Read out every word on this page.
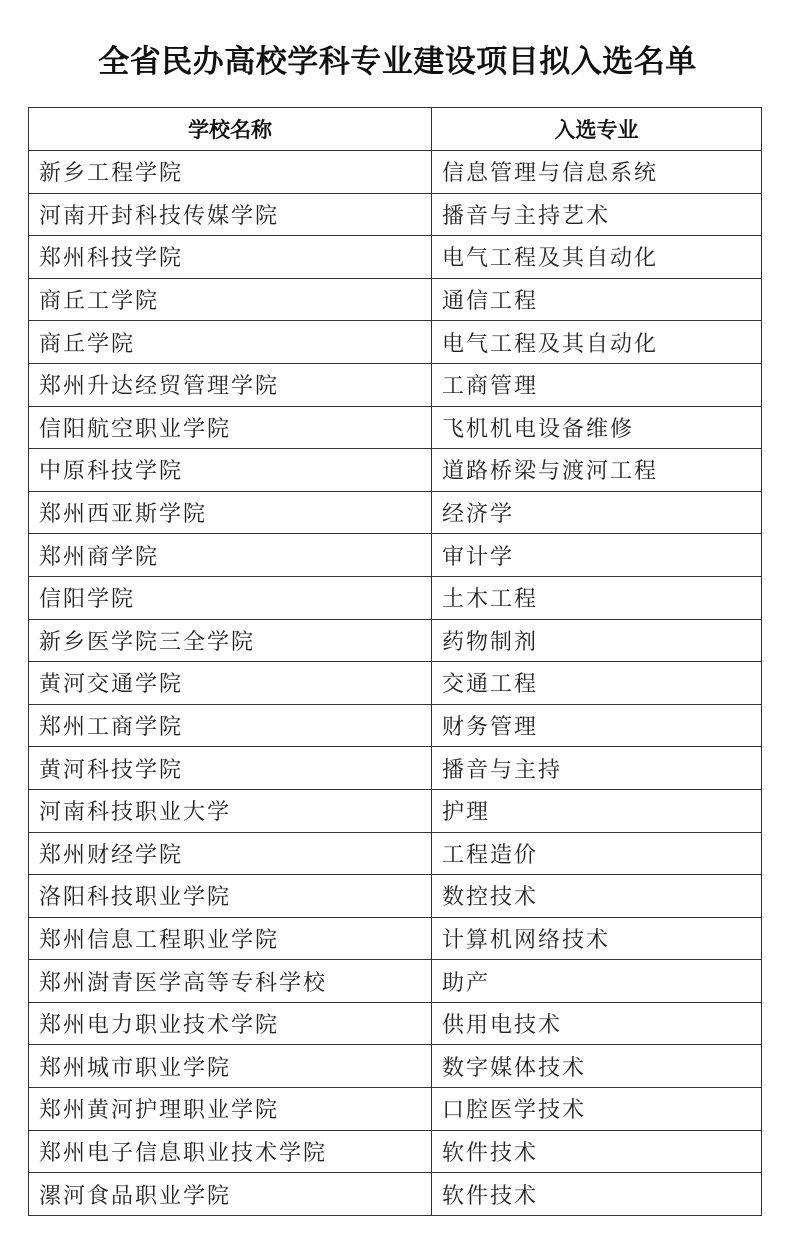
全省民办高校学科专业建设项目拟入选名单
学校名称	入选专业
新乡工程学院	信息管理与信息系统
河南开封科技传媒学院	播音与主持艺术
郑州科技学院	电气工程及其自动化
商丘工学院	通信工程
商丘学院	电气工程及其自动化
郑州升达经贸管理学院	工商管理
信阳航空职业学院	飞机机电设备维修
中原科技学院	道路桥梁与渡河工程
郑州西亚斯学院	经济学
郑州商学院	审计学
信阳学院	土木工程
新乡医学院三全学院	药物制剂
黄河交通学院	交通工程
郑州工商学院	财务管理
黄河科技学院	播音与主持
河南科技职业大学	护理
郑州财经学院	工程造价
洛阳科技职业学院	数控技术
郑州信息工程职业学院	计算机网络技术
郑州澍青医学高等专科学校	助产
郑州电力职业技术学院	供用电技术
郑州城市职业学院	数字媒体技术
郑州黄河护理职业学院	口腔医学技术
郑州电子信息职业技术学院	软件技术
漯河食品职业学院	软件技术
